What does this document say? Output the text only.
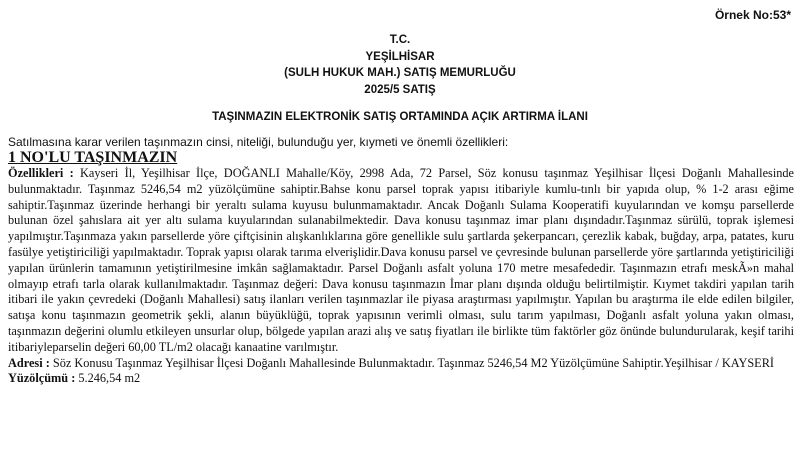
Örnek No:53*
T.C.
YEŞİLHİSAR
(SULH HUKUK MAH.) SATIŞ MEMURLUĞU
2025/5 SATIŞ
TAŞINMAZIN ELEKTRONİK SATIŞ ORTAMINDA AÇIK ARTIRMA İLANI
Satılmasına karar verilen taşınmazın cinsi, niteliği, bulunduğu yer, kıymeti ve önemli özellikleri:
1 NO'LU TAŞINMAZIN

Özellikleri : Kayseri İl, Yeşilhisar İlçe, DOĞANLI Mahalle/Köy, 2998 Ada, 72 Parsel, Söz konusu taşınmaz Yeşilhisar İlçesi Doğanlı Mahallesinde bulunmaktadır. Taşınmaz 5246,54 m2 yüzölçümüne sahiptir.Bahse konu parsel toprak yapısı itibariyle kumlu-tınlı bir yapıda olup, % 1-2 arası eğime sahiptir.Taşınmaz üzerinde herhangi bir yeraltı sulama kuyusu bulunmamaktadır. Ancak Doğanlı Sulama Kooperatifi kuyularından ve komşu parsellerde bulunan özel şahıslara ait yer altı sulama kuyularından sulanabilmektedir. Dava konusu taşınmaz imar planı dışındadır.Taşınmaz sürülü, toprak işlemesi yapılmıştır.Taşınmaza yakın parsellerde yöre çiftçisinin alışkanlıklarına göre genellikle sulu şartlarda şekerpancarı, çerezlik kabak, buğday, arpa, patates, kuru fasülye yetiştiriciliği yapılmaktadır. Toprak yapısı olarak tarıma elverişlidir.Dava konusu parsel ve çevresinde bulunan parsellerde yöre şartlarında yetiştiriciliği yapılan ürünlerin tamamının yetiştirilmesine imkân sağlamaktadır. Parsel Doğanlı asfalt yoluna 170 metre mesafededir. Taşınmazın etrafı meskÃ»n mahal olmayıp etrafı tarla olarak kullanılmaktadır. Taşınmaz değeri: Dava konusu taşınmazın İmar planı dışında olduğu belirtilmiştir. Kıymet takdiri yapılan tarih itibari ile yakın çevredeki (Doğanlı Mahallesi) satış ilanları verilen taşınmazlar ile piyasa araştırması yapılmıştır. Yapılan bu araştırma ile elde edilen bilgiler, satışa konu taşınmazın geometrik şekli, alanın büyüklüğü, toprak yapısının verimli olması, sulu tarım yapılması, Doğanlı asfalt yoluna yakın olması, taşınmazın değerini olumlu etkileyen unsurlar olup, bölgede yapılan arazi alış ve satış fiyatları ile birlikte tüm faktörler göz önünde bulundurularak, keşif tarihi itibariyleparselin değeri 60,00 TL/m2 olacağı kanaatine varılmıştır.

Adresi : Söz Konusu Taşınmaz Yeşilhisar İlçesi Doğanlı Mahallesinde Bulunmaktadır. Taşınmaz 5246,54 M2 Yüzölçümüne Sahiptir.Yeşilhisar / KAYSERİ

Yüzölçümü : 5.246,54 m2
